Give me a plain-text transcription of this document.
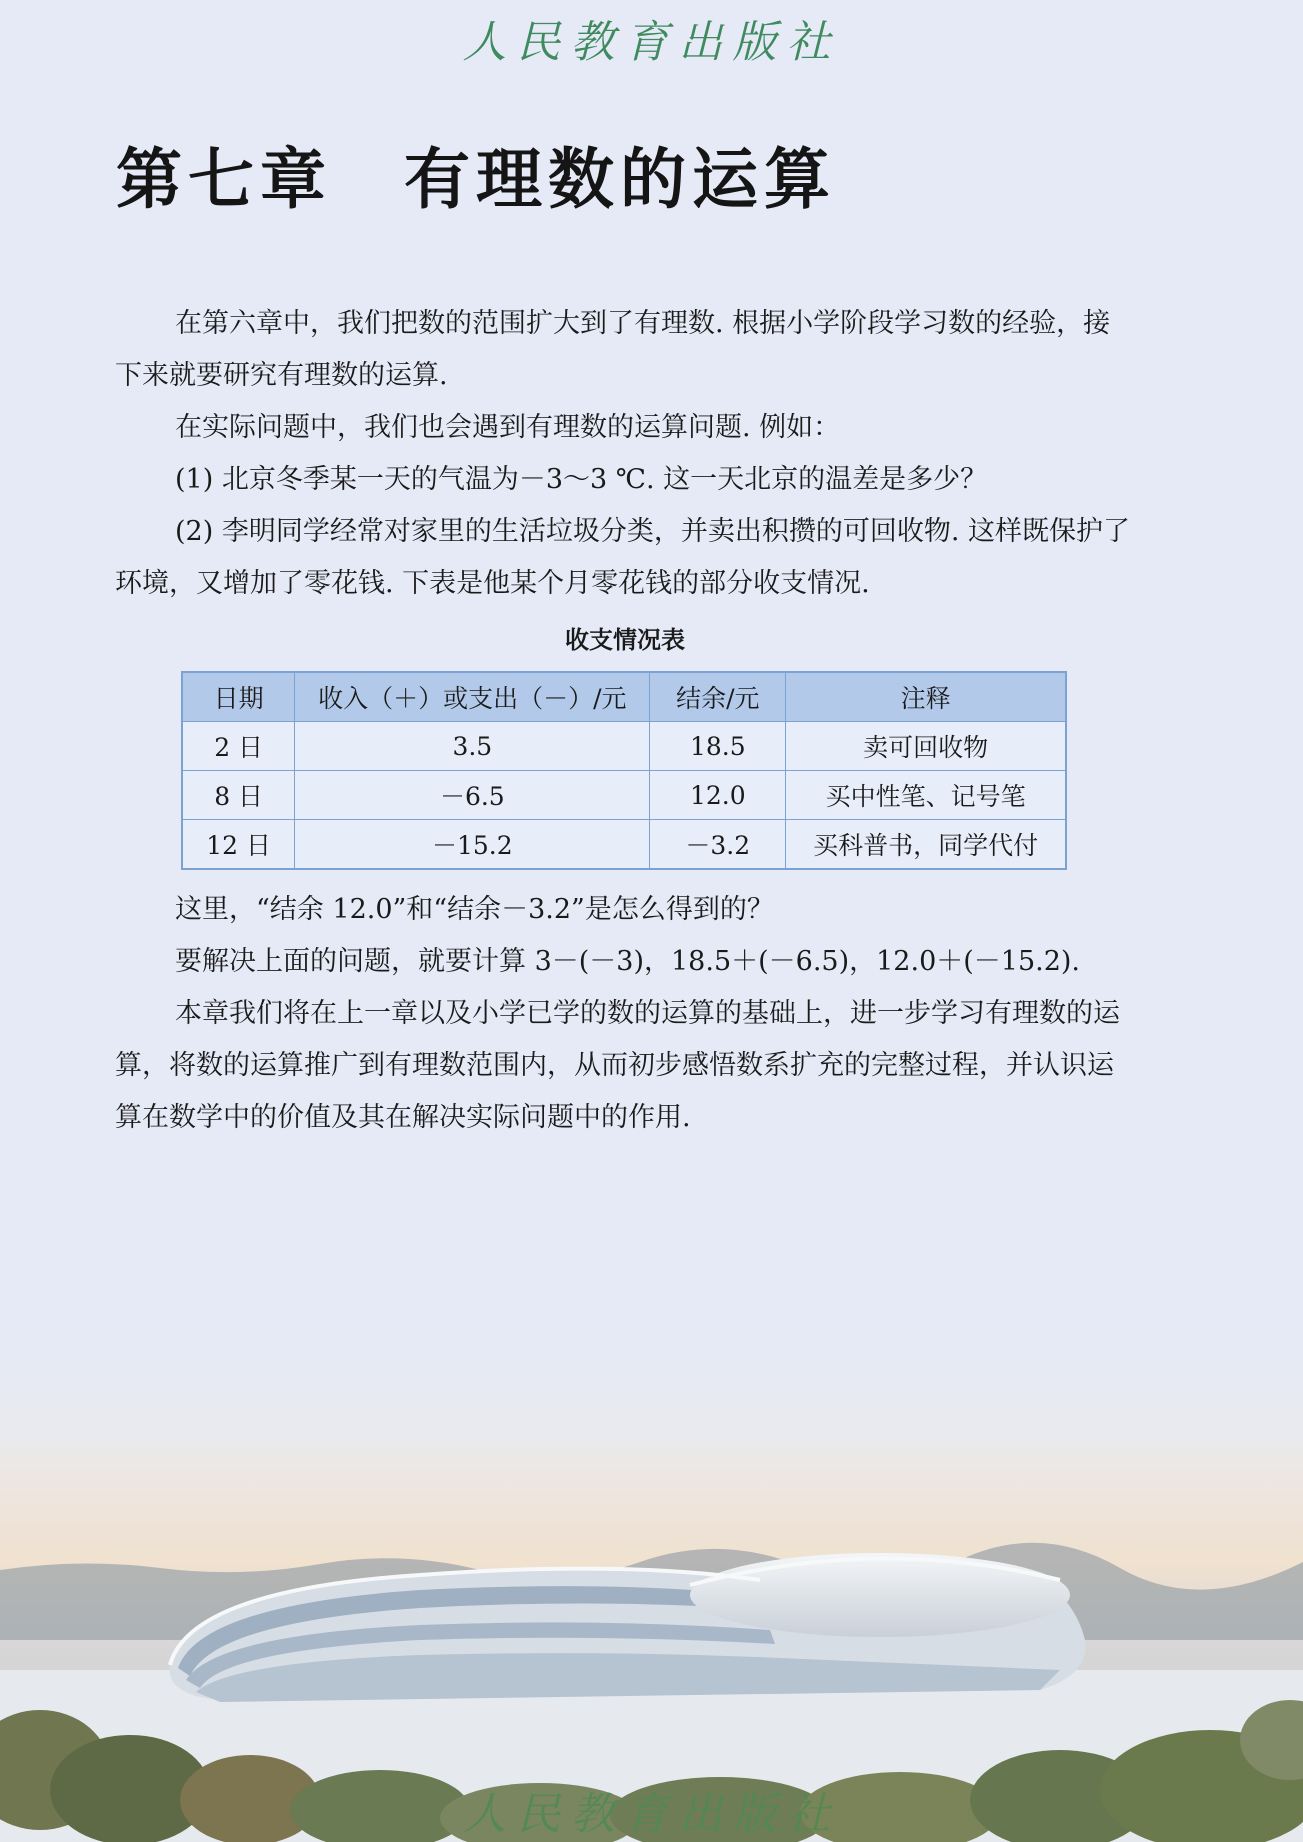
人民教育出版社
第七章　有理数的运算

在第六章中，我们把数的范围扩大到了有理数. 根据小学阶段学习数的经验，接下来就要研究有理数的运算.

在实际问题中，我们也会遇到有理数的运算问题. 例如：

(1) 北京冬季某一天的气温为－3～3 ℃. 这一天北京的温差是多少？

(2) 李明同学经常对家里的生活垃圾分类，并卖出积攒的可回收物. 这样既保护了环境，又增加了零花钱. 下表是他某个月零花钱的部分收支情况.

收支情况表
日期	收入（＋）或支出（－）/元	结余/元	注释
2 日	3.5	18.5	卖可回收物
8 日	－6.5	12.0	买中性笔、记号笔
12 日	－15.2	－3.2	买科普书，同学代付

这里，“结余 12.0”和“结余－3.2”是怎么得到的？

要解决上面的问题，就要计算 3－(－3)，18.5＋(－6.5)，12.0＋(－15.2).

本章我们将在上一章以及小学已学的数的运算的基础上，进一步学习有理数的运算，将数的运算推广到有理数范围内，从而初步感悟数系扩充的完整过程，并认识运算在数学中的价值及其在解决实际问题中的作用.

人民教育出版社
